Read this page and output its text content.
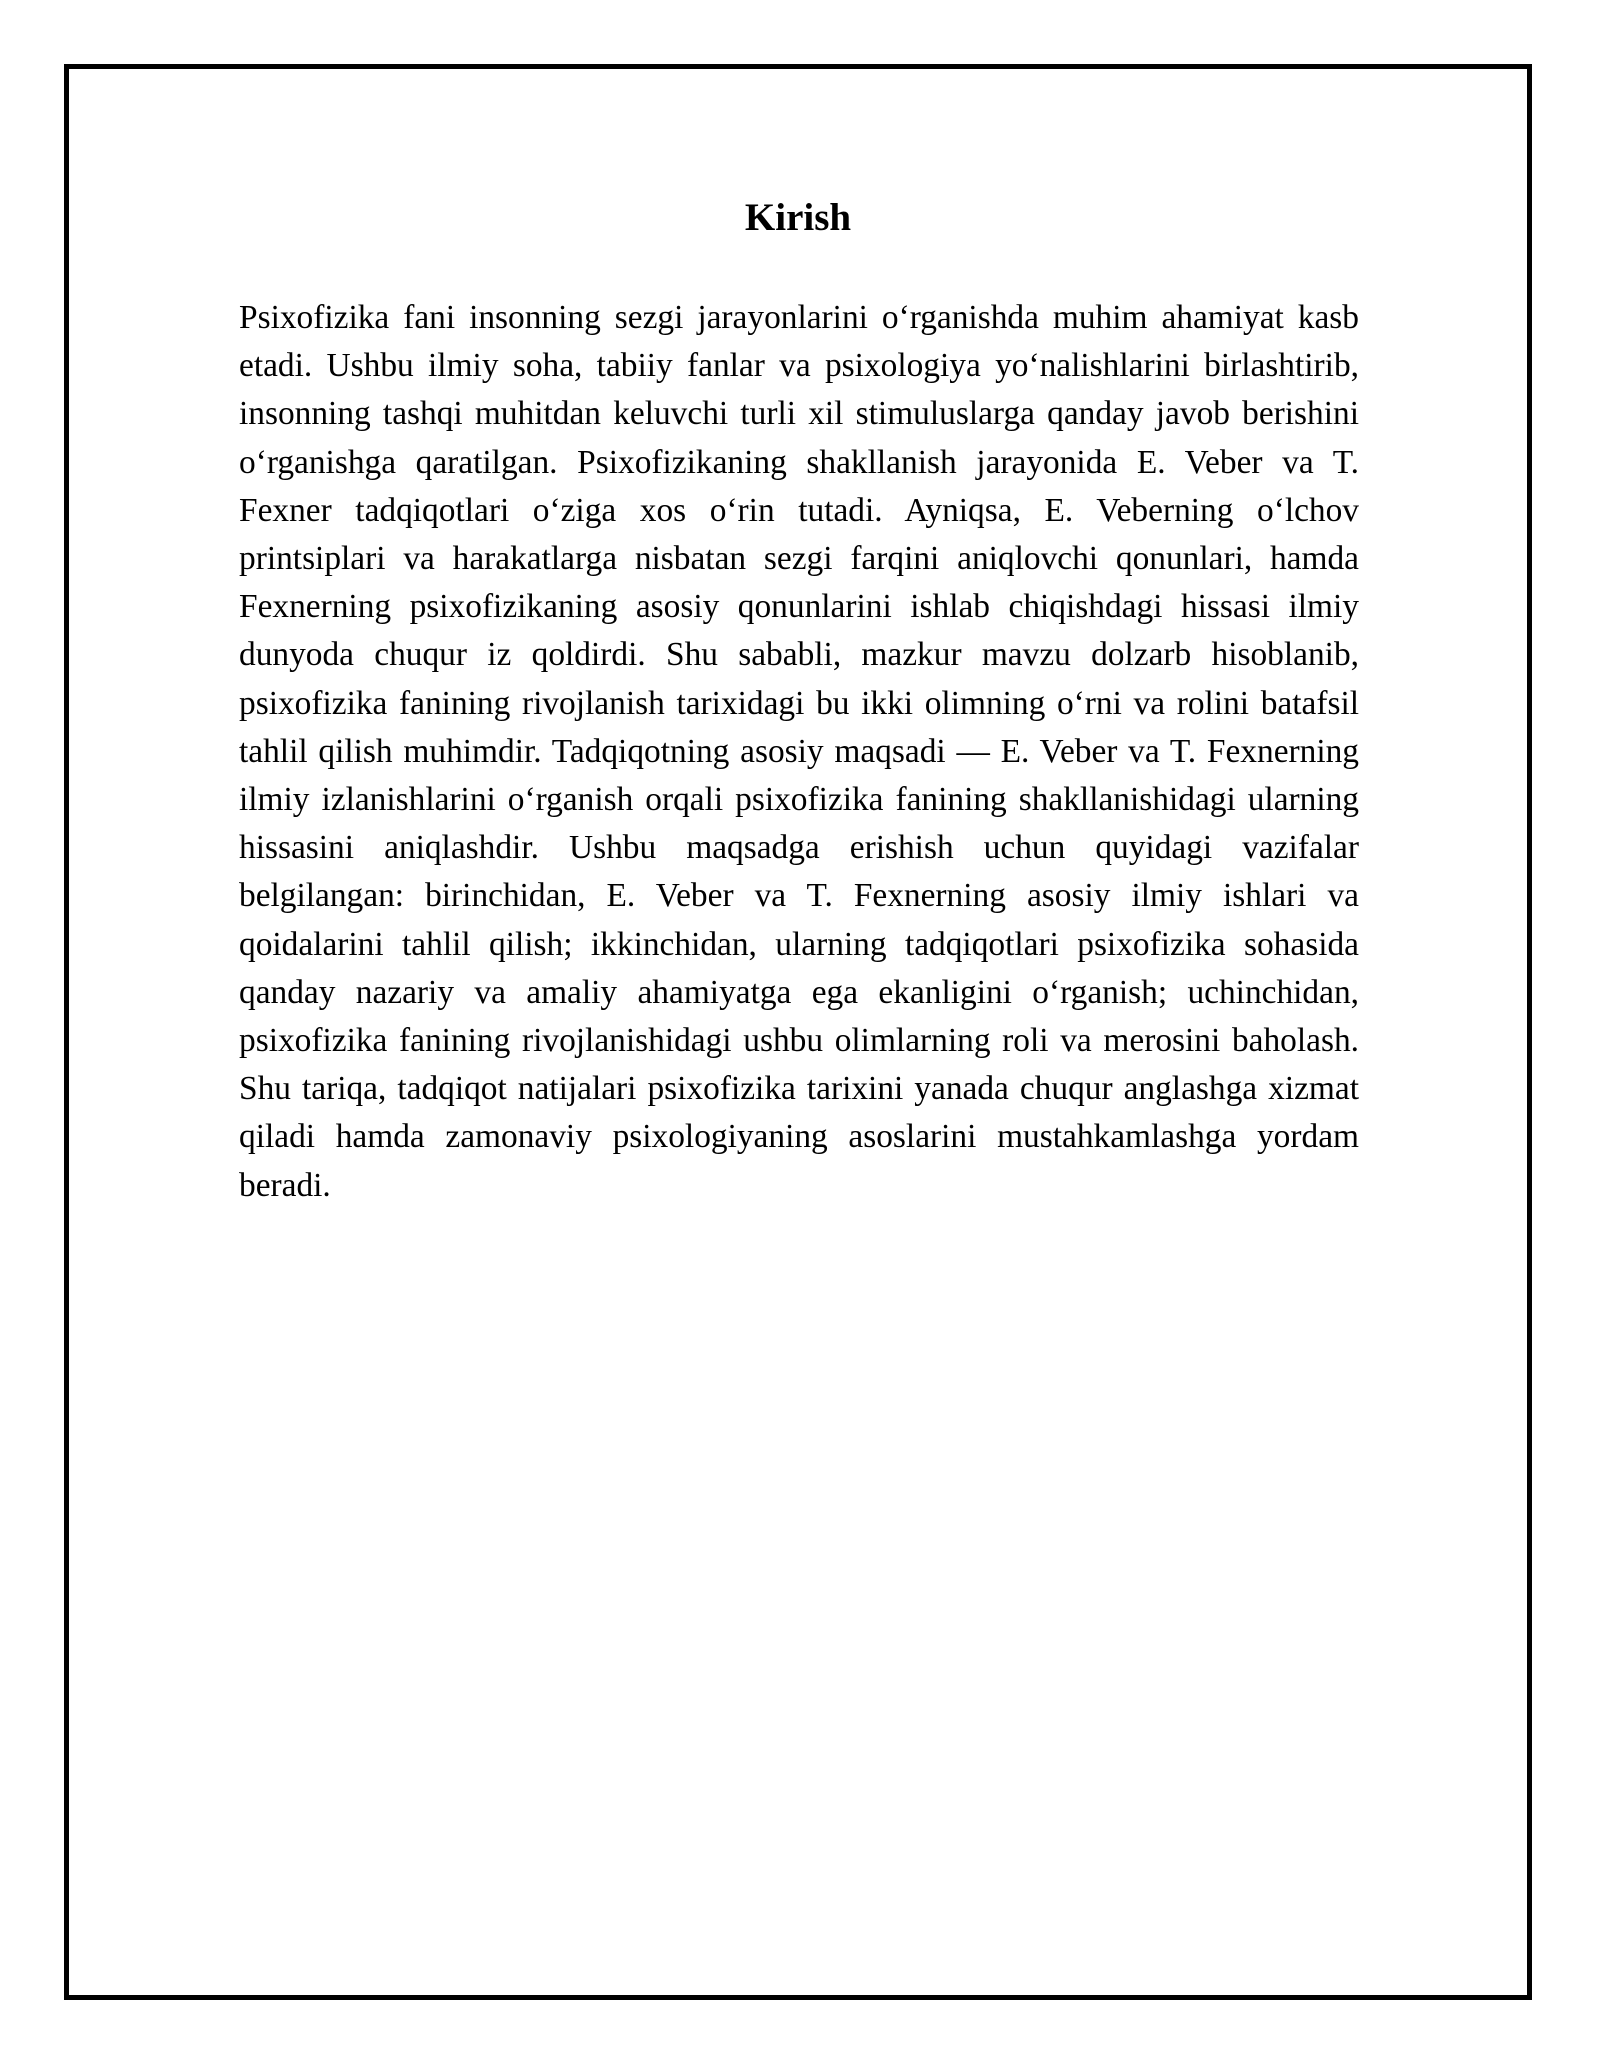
Kirish

Psixofizika fani insonning sezgi jarayonlarini o‘rganishda muhim ahamiyat kasb etadi. Ushbu ilmiy soha, tabiiy fanlar va psixologiya yo‘nalishlarini birlashtirib, insonning tashqi muhitdan keluvchi turli xil stimuluslarga qanday javob berishini o‘rganishga qaratilgan. Psixofizikaning shakllanish jarayonida E. Veber va T. Fexner tadqiqotlari o‘ziga xos o‘rin tutadi. Ayniqsa, E. Veberning o‘lchov printsiplari va harakatlarga nisbatan sezgi farqini aniqlovchi qonunlari, hamda Fexnerning psixofizikaning asosiy qonunlarini ishlab chiqishdagi hissasi ilmiy dunyoda chuqur iz qoldirdi. Shu sababli, mazkur mavzu dolzarb hisoblanib, psixofizika fanining rivojlanish tarixidagi bu ikki olimning o‘rni va rolini batafsil tahlil qilish muhimdir. Tadqiqotning asosiy maqsadi — E. Veber va T. Fexnerning ilmiy izlanishlarini o‘rganish orqali psixofizika fanining shakllanishidagi ularning hissasini aniqlashdir. Ushbu maqsadga erishish uchun quyidagi vazifalar belgilangan: birinchidan, E. Veber va T. Fexnerning asosiy ilmiy ishlari va qoidalarini tahlil qilish; ikkinchidan, ularning tadqiqotlari psixofizika sohasida qanday nazariy va amaliy ahamiyatga ega ekanligini o‘rganish; uchinchidan, psixofizika fanining rivojlanishidagi ushbu olimlarning roli va merosini baholash. Shu tariqa, tadqiqot natijalari psixofizika tarixini yanada chuqur anglashga xizmat qiladi hamda zamonaviy psixologiyaning asoslarini mustahkamlashga yordam beradi.
